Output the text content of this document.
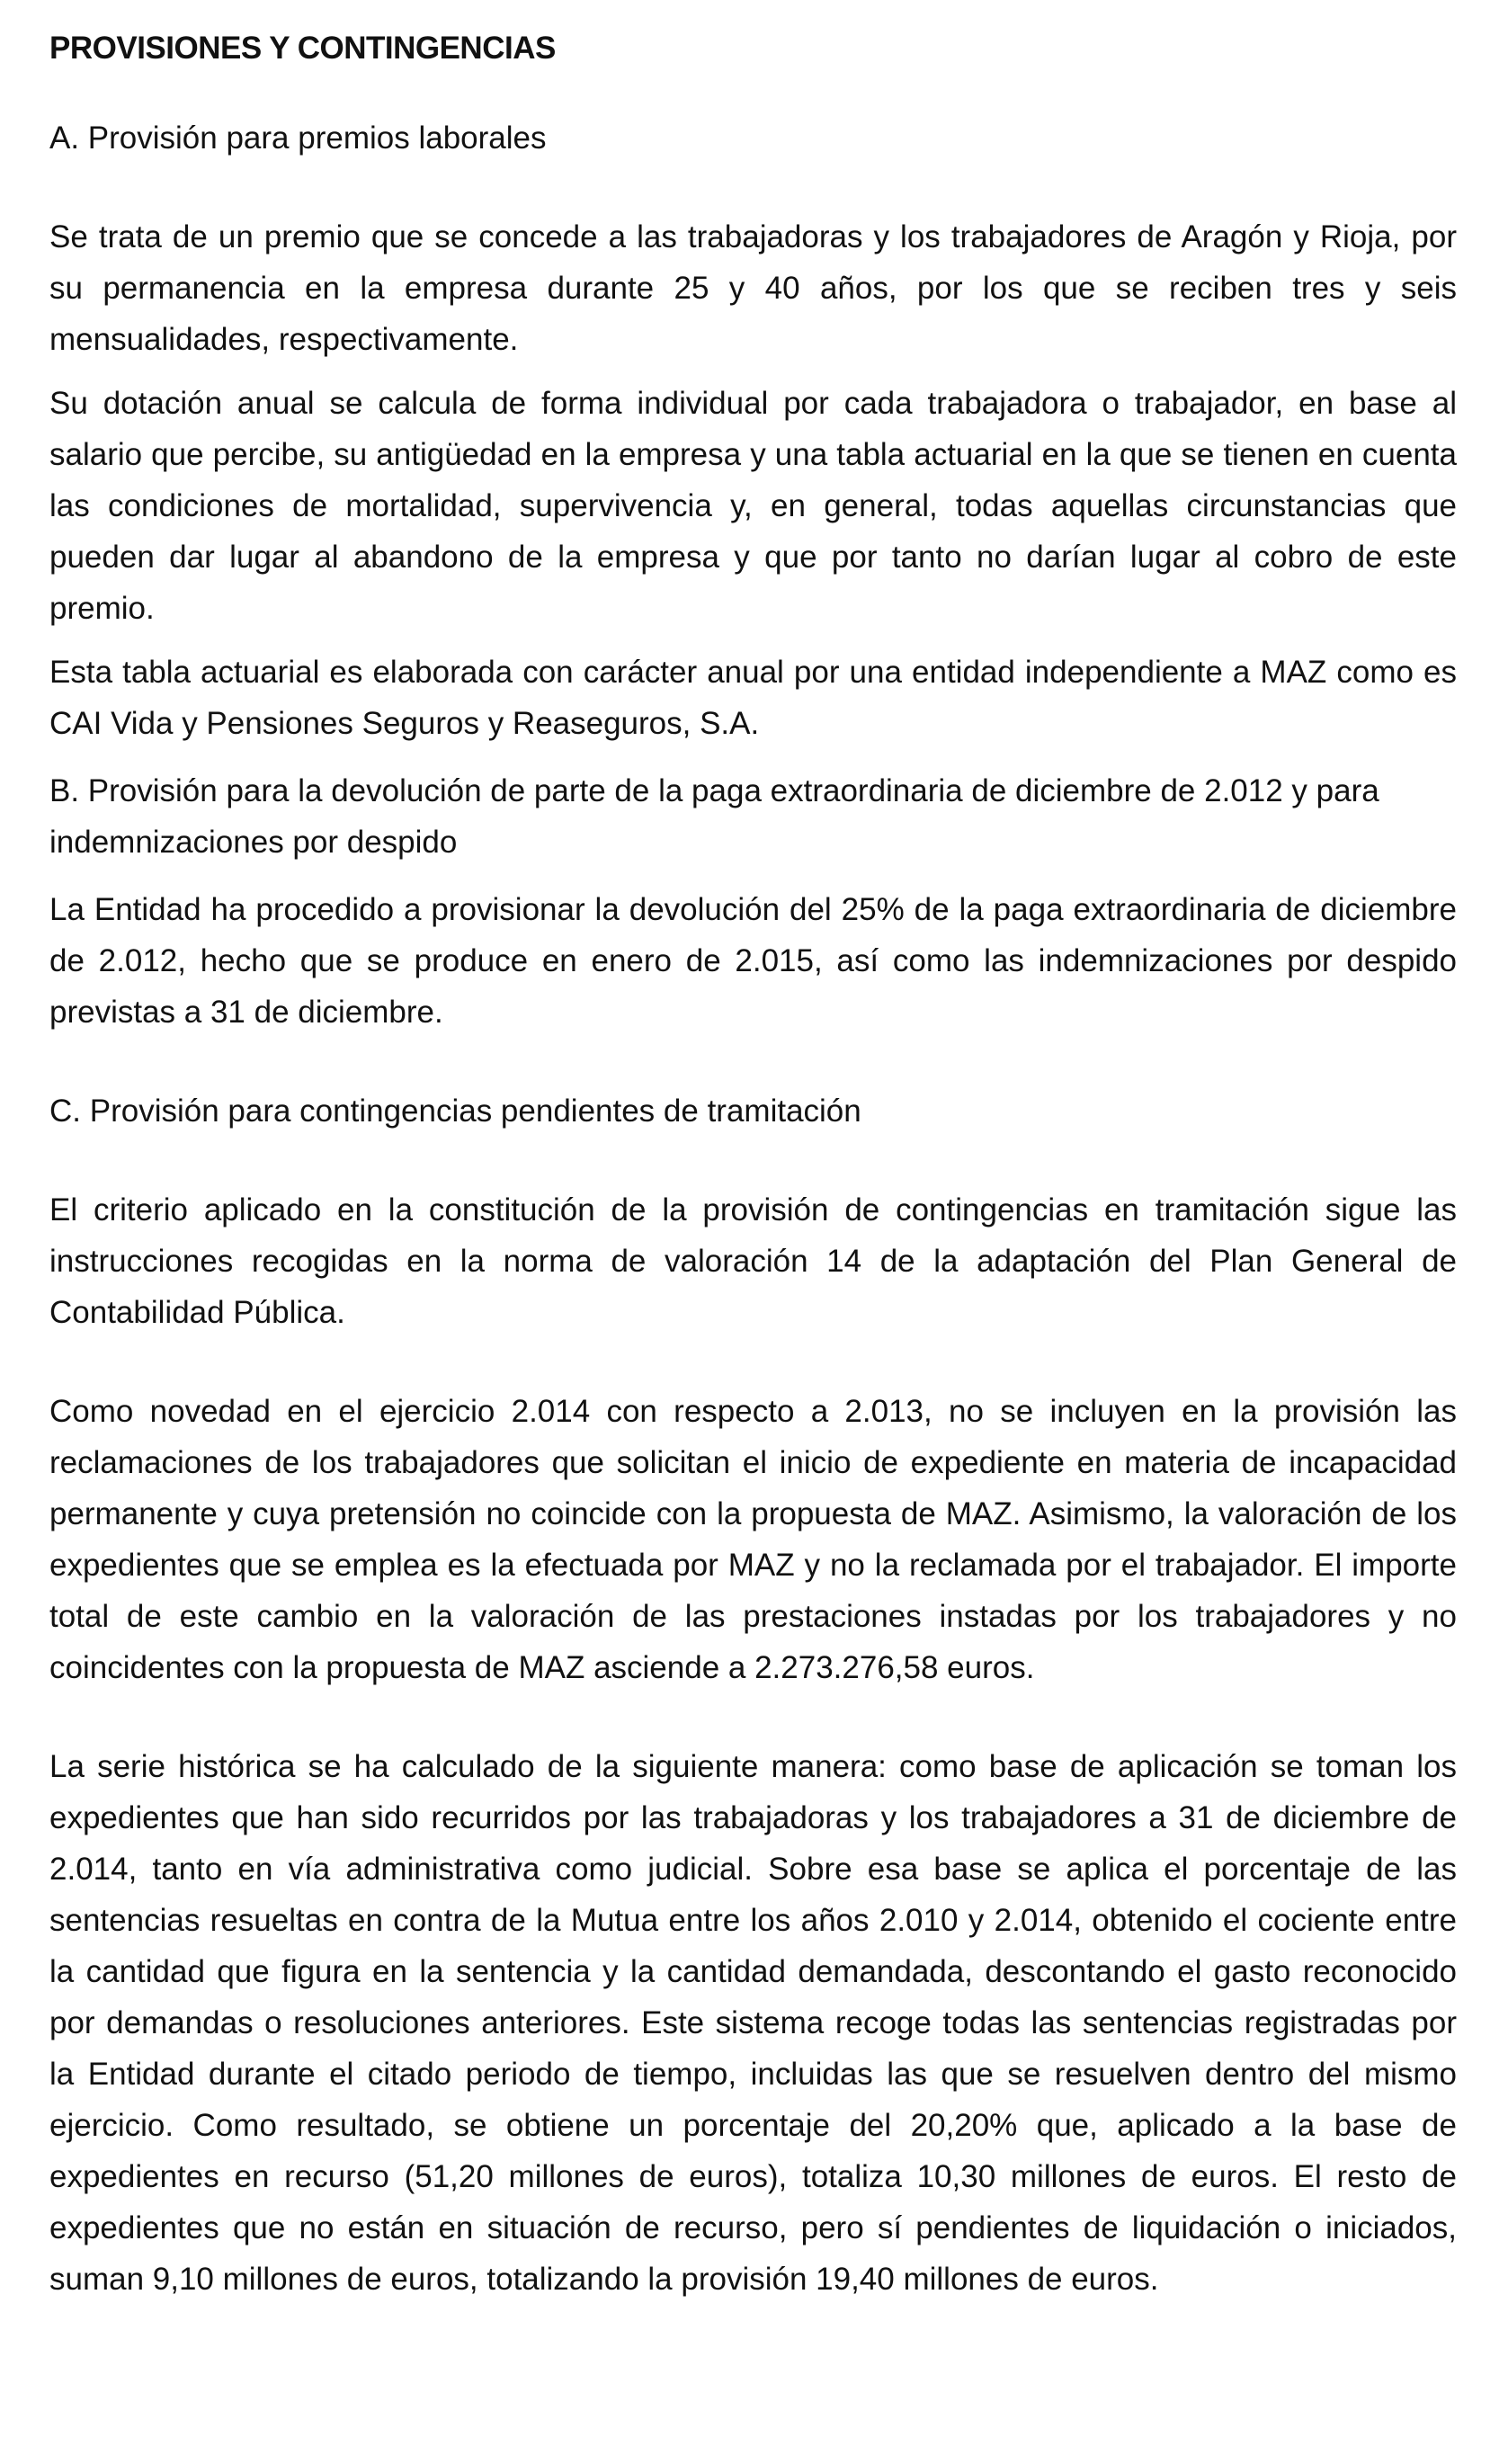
PROVISIONES Y CONTINGENCIAS
A. Provisión para premios laborales

Se trata de un premio que se concede a las trabajadoras y los trabajadores de Aragón y Rioja, por su permanencia en la empresa durante 25 y 40 años, por los que se reciben tres y seis mensualidades, respectivamente.

Su dotación anual se calcula de forma individual por cada trabajadora o trabajador, en base al salario que percibe, su antigüedad en la empresa y una tabla actuarial en la que se tienen en cuenta las condiciones de mortalidad, supervivencia y, en general, todas aquellas circunstancias que pueden dar lugar al abandono de la empresa y que por tanto no darían lugar al cobro de este premio.

Esta tabla actuarial es elaborada con carácter anual por una entidad independiente a MAZ como es CAI Vida y Pensiones Seguros y Reaseguros, S.A.

B. Provisión para la devolución de parte de la paga extraordinaria de diciembre de 2.012 y para indemnizaciones por despido

La Entidad ha procedido a provisionar la devolución del 25% de la paga extraordinaria de diciembre de 2.012, hecho que se produce en enero de 2.015, así como las indemnizaciones por despido previstas a 31 de diciembre.

C. Provisión para contingencias pendientes de tramitación

El criterio aplicado en la constitución de la provisión de contingencias en tramitación sigue las instrucciones recogidas en la norma de valoración 14 de la adaptación del Plan General de Contabilidad Pública.

Como novedad en el ejercicio 2.014 con respecto a 2.013, no se incluyen en la provisión las reclamaciones de los trabajadores que solicitan el inicio de expediente en materia de incapacidad permanente y cuya pretensión no coincide con la propuesta de MAZ. Asimismo, la valoración de los expedientes que se emplea es la efectuada por MAZ y no la reclamada por el trabajador. El importe total de este cambio en la valoración de las prestaciones instadas por los trabajadores y no coincidentes con la propuesta de MAZ asciende a 2.273.276,58 euros.

La serie histórica se ha calculado de la siguiente manera: como base de aplicación se toman los expedientes que han sido recurridos por las trabajadoras y los trabajadores a 31 de diciembre de 2.014, tanto en vía administrativa como judicial. Sobre esa base se aplica el porcentaje de las sentencias resueltas en contra de la Mutua entre los años 2.010 y 2.014, obtenido el cociente entre la cantidad que figura en la sentencia y la cantidad demandada, descontando el gasto reconocido por demandas o resoluciones anteriores. Este sistema recoge todas las sentencias registradas por la Entidad durante el citado periodo de tiempo, incluidas las que se resuelven dentro del mismo ejercicio. Como resultado, se obtiene un porcentaje del 20,20% que, aplicado a la base de expedientes en recurso (51,20 millones de euros), totaliza 10,30 millones de euros. El resto de expedientes que no están en situación de recurso, pero sí pendientes de liquidación o iniciados, suman 9,10 millones de euros, totalizando la provisión 19,40 millones de euros.
